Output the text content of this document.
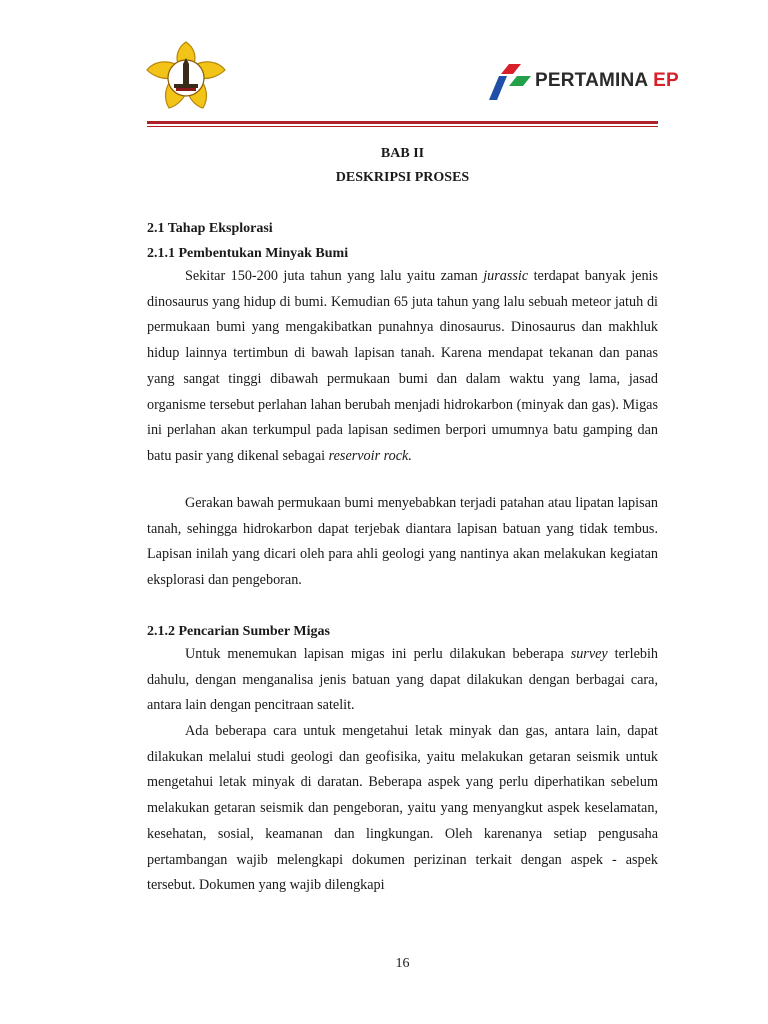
PERTAMINA EP
BAB II
DESKRIPSI PROSES
2.1 Tahap Eksplorasi
2.1.1 Pembentukan Minyak Bumi

Sekitar 150-200 juta tahun yang lalu yaitu zaman jurassic terdapat banyak jenis dinosaurus yang hidup di bumi. Kemudian 65 juta tahun yang lalu sebuah meteor jatuh di permukaan bumi yang mengakibatkan punahnya dinosaurus. Dinosaurus dan makhluk hidup lainnya tertimbun di bawah lapisan tanah. Karena mendapat tekanan dan panas yang sangat tinggi dibawah permukaan bumi dan dalam waktu yang lama, jasad organisme tersebut perlahan lahan berubah menjadi hidrokarbon (minyak dan gas). Migas ini perlahan akan terkumpul pada lapisan sedimen berpori umumnya batu gamping dan batu pasir yang dikenal sebagai reservoir rock.

Gerakan bawah permukaan bumi menyebabkan terjadi patahan atau lipatan lapisan tanah, sehingga hidrokarbon dapat terjebak diantara lapisan batuan yang tidak tembus. Lapisan inilah yang dicari oleh para ahli geologi yang nantinya akan melakukan kegiatan eksplorasi dan pengeboran.

2.1.2 Pencarian Sumber Migas

Untuk menemukan lapisan migas ini perlu dilakukan beberapa survey terlebih dahulu, dengan menganalisa jenis batuan yang dapat dilakukan dengan berbagai cara, antara lain dengan pencitraan satelit.

Ada beberapa cara untuk mengetahui letak minyak dan gas, antara lain, dapat dilakukan melalui studi geologi dan geofisika, yaitu melakukan getaran seismik untuk mengetahui letak minyak di daratan. Beberapa aspek yang perlu diperhatikan sebelum melakukan getaran seismik dan pengeboran, yaitu yang menyangkut aspek keselamatan, kesehatan, sosial, keamanan dan lingkungan. Oleh karenanya setiap pengusaha pertambangan wajib melengkapi dokumen perizinan terkait dengan aspek - aspek tersebut. Dokumen yang wajib dilengkapi

16
